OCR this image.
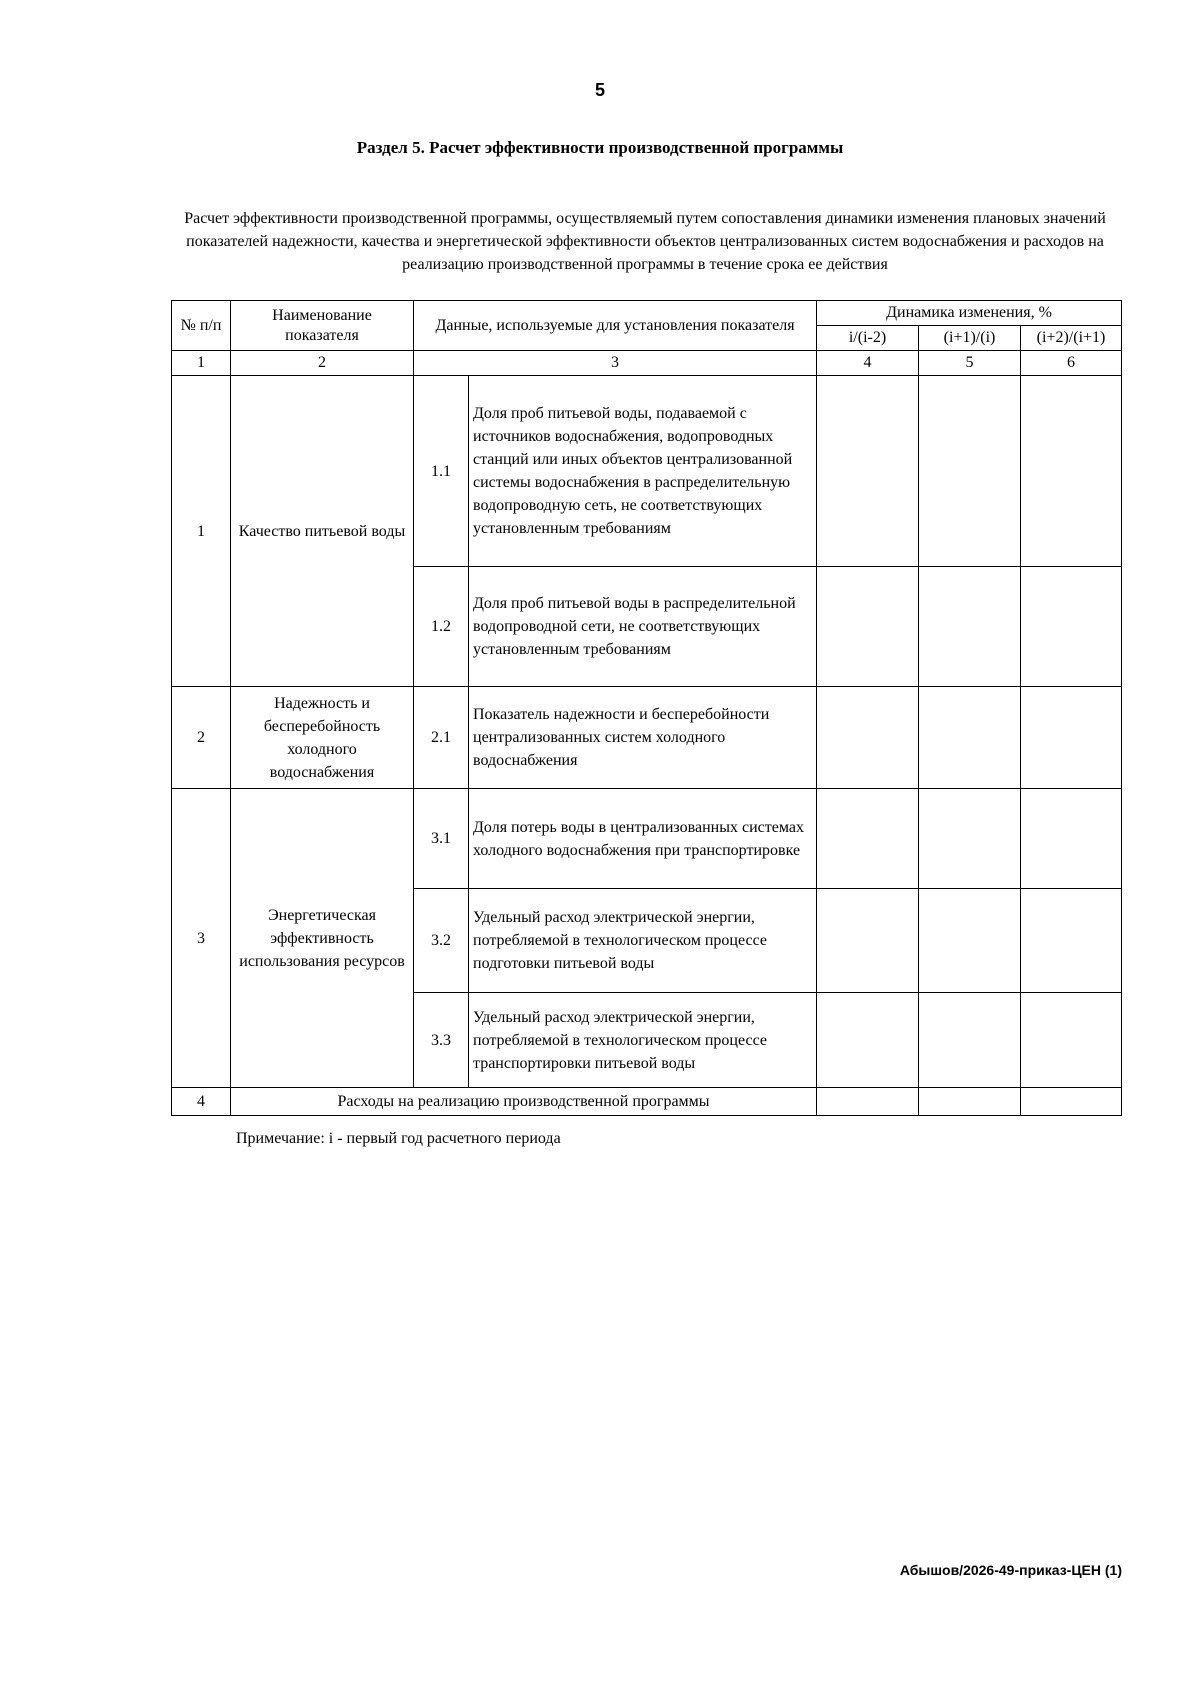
5
Раздел 5. Расчет эффективности производственной программы
Расчет эффективности производственной программы, осуществляемый путем сопоставления динамики изменения плановых значений показателей надежности, качества и энергетической эффективности объектов централизованных систем водоснабжения и расходов на реализацию производственной программы в течение срока ее действия
№ п/п	Наименование показателя	Данные, используемые для установления показателя		Динамика изменения, %		
				i/(i-2)	(i+1)/(i)	(i+2)/(i+1)
1	2	3		4	5	6
1	Качество питьевой воды	1.1	Доля проб питьевой воды, подаваемой с источников водоснабжения, водопроводных станций или иных объектов централизованной системы водоснабжения в распределительную водопроводную сеть, не соответствующих установленным требованиям			
		1.2	Доля проб питьевой воды в распределительной водопроводной сети, не соответствующих установленным требованиям			
2	Надежность и бесперебойность холодного водоснабжения	2.1	Показатель надежности и бесперебойности централизованных систем холодного водоснабжения			
3	Энергетическая эффективность использования ресурсов	3.1	Доля потерь воды в централизованных системах холодного водоснабжения при транспортировке			
		3.2	Удельный расход электрической энергии, потребляемой в технологическом процессе подготовки питьевой воды			
		3.3	Удельный расход электрической энергии, потребляемой в технологическом процессе транспортировки питьевой воды			
4	Расходы на реализацию производственной программы					
Примечание: i - первый год расчетного периода
Абышов/2026-49-приказ-ЦЕН (1)
